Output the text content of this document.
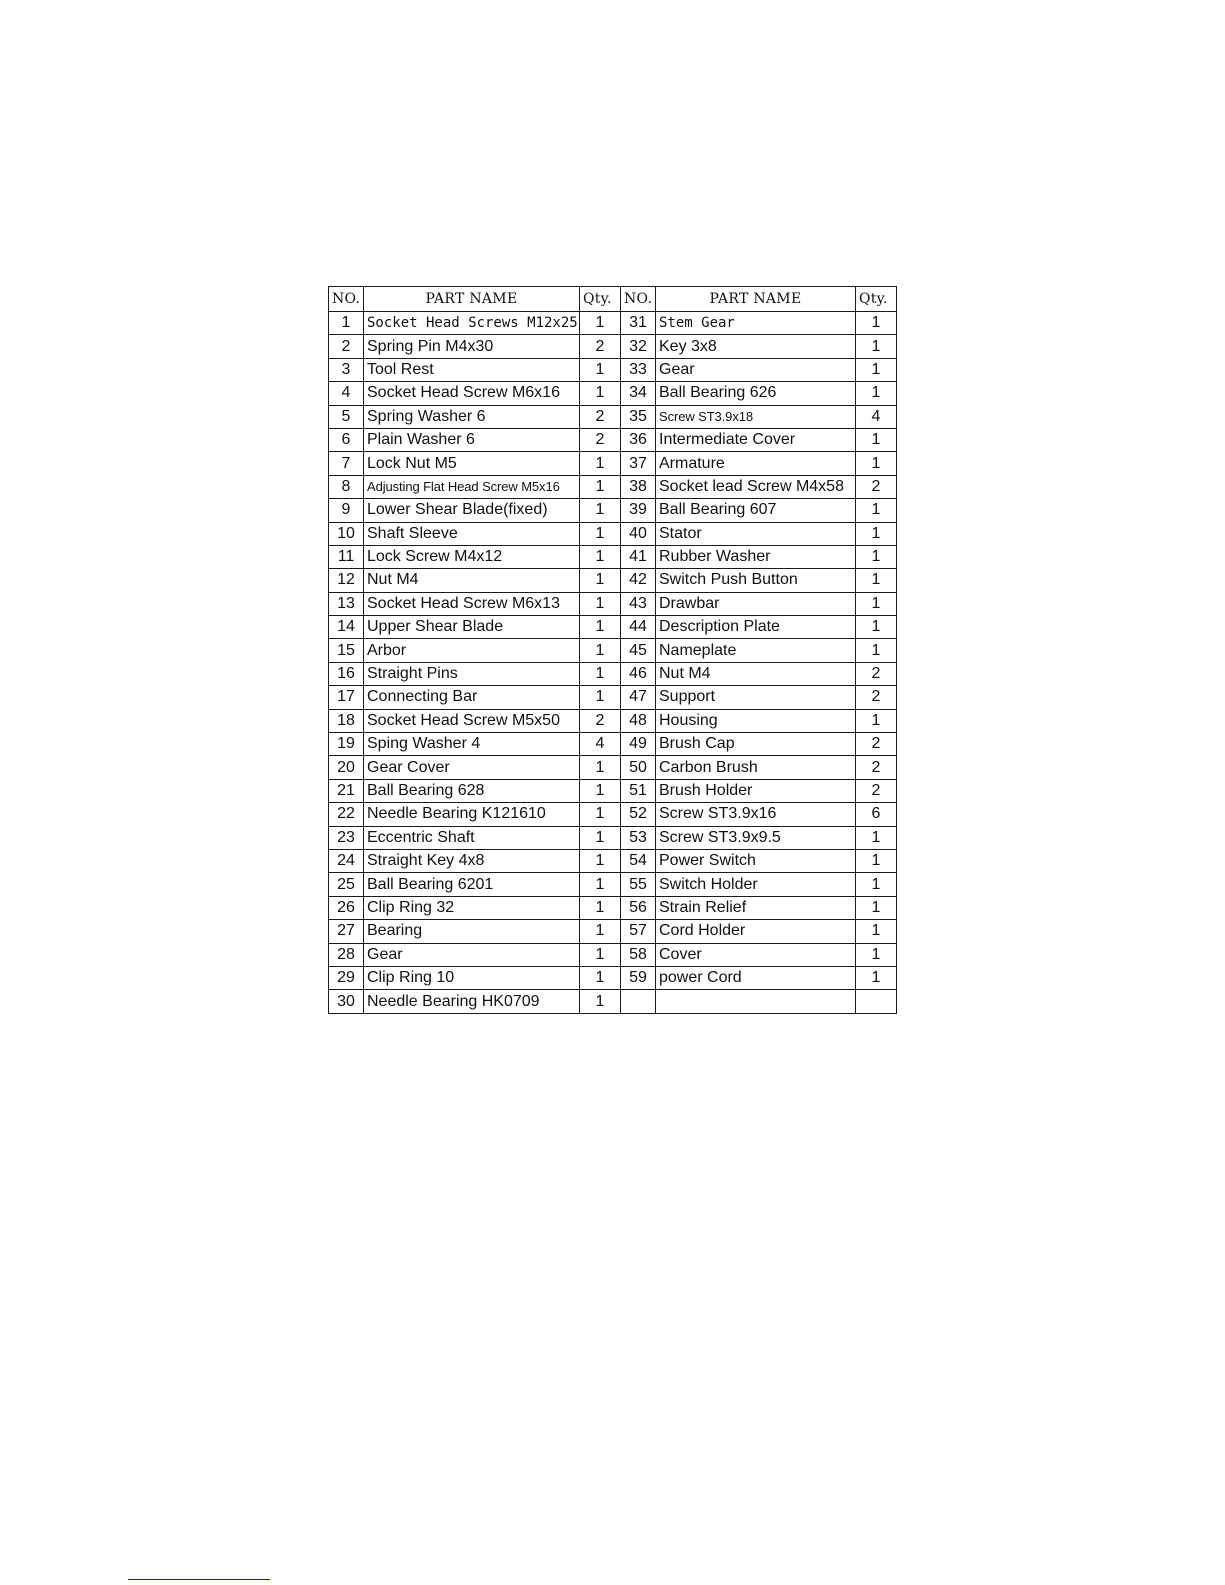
NO.	PART NAME	Qty.	NO.	PART NAME	Qty.
1	Socket Head Screws M12x25	1	31	Stem Gear	1
2	Spring Pin M4x30	2	32	Key 3x8	1
3	Tool Rest	1	33	Gear	1
4	Socket Head Screw M6x16	1	34	Ball Bearing 626	1
5	Spring Washer 6	2	35	Screw ST3.9x18	4
6	Plain Washer 6	2	36	Intermediate Cover	1
7	Lock Nut M5	1	37	Armature	1
8	Adjusting Flat Head Screw M5x16	1	38	Socket lead Screw M4x58	2
9	Lower Shear Blade(fixed)	1	39	Ball Bearing 607	1
10	Shaft Sleeve	1	40	Stator	1
11	Lock Screw M4x12	1	41	Rubber Washer	1
12	Nut M4	1	42	Switch Push Button	1
13	Socket Head Screw M6x13	1	43	Drawbar	1
14	Upper Shear Blade	1	44	Description Plate	1
15	Arbor	1	45	Nameplate	1
16	Straight Pins	1	46	Nut M4	2
17	Connecting Bar	1	47	Support	2
18	Socket Head Screw M5x50	2	48	Housing	1
19	Sping Washer 4	4	49	Brush Cap	2
20	Gear Cover	1	50	Carbon Brush	2
21	Ball Bearing 628	1	51	Brush Holder	2
22	Needle Bearing K121610	1	52	Screw ST3.9x16	6
23	Eccentric Shaft	1	53	Screw ST3.9x9.5	1
24	Straight Key 4x8	1	54	Power Switch	1
25	Ball Bearing 6201	1	55	Switch Holder	1
26	Clip Ring 32	1	56	Strain Relief	1
27	Bearing	1	57	Cord Holder	1
28	Gear	1	58	Cover	1
29	Clip Ring 10	1	59	power Cord	1
30	Needle Bearing HK0709	1			
